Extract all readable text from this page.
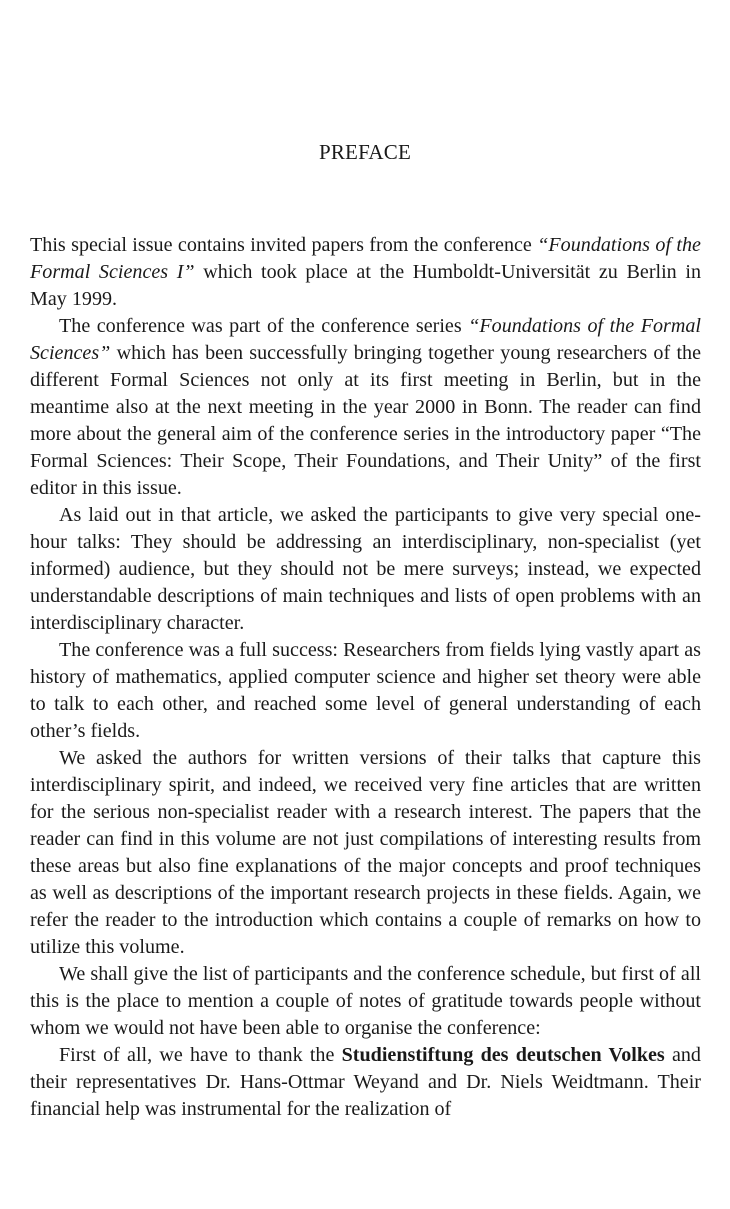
PREFACE

This special issue contains invited papers from the conference “Foundations of the Formal Sciences I” which took place at the Humboldt-Universität zu Berlin in May 1999.

The conference was part of the conference series “Foundations of the Formal Sciences” which has been successfully bringing together young researchers of the different Formal Sciences not only at its first meeting in Berlin, but in the meantime also at the next meeting in the year 2000 in Bonn. The reader can find more about the general aim of the conference series in the introductory paper “The Formal Sciences: Their Scope, Their Foundations, and Their Unity” of the first editor in this issue.

As laid out in that article, we asked the participants to give very special one-hour talks: They should be addressing an interdisciplinary, non-specialist (yet informed) audience, but they should not be mere surveys; instead, we expected understandable descriptions of main techniques and lists of open problems with an interdisciplinary character.

The conference was a full success: Researchers from fields lying vastly apart as history of mathematics, applied computer science and higher set theory were able to talk to each other, and reached some level of general understanding of each other’s fields.

We asked the authors for written versions of their talks that capture this interdisciplinary spirit, and indeed, we received very fine articles that are written for the serious non-specialist reader with a research interest. The papers that the reader can find in this volume are not just compilations of interesting results from these areas but also fine explanations of the major concepts and proof techniques as well as descriptions of the important research projects in these fields. Again, we refer the reader to the introduction which contains a couple of remarks on how to utilize this volume.

We shall give the list of participants and the conference schedule, but first of all this is the place to mention a couple of notes of gratitude towards people without whom we would not have been able to organise the conference:

First of all, we have to thank the Studienstiftung des deutschen Volkes and their representatives Dr. Hans-Ottmar Weyand and Dr. Niels Weidtmann. Their financial help was instrumental for the realization of
